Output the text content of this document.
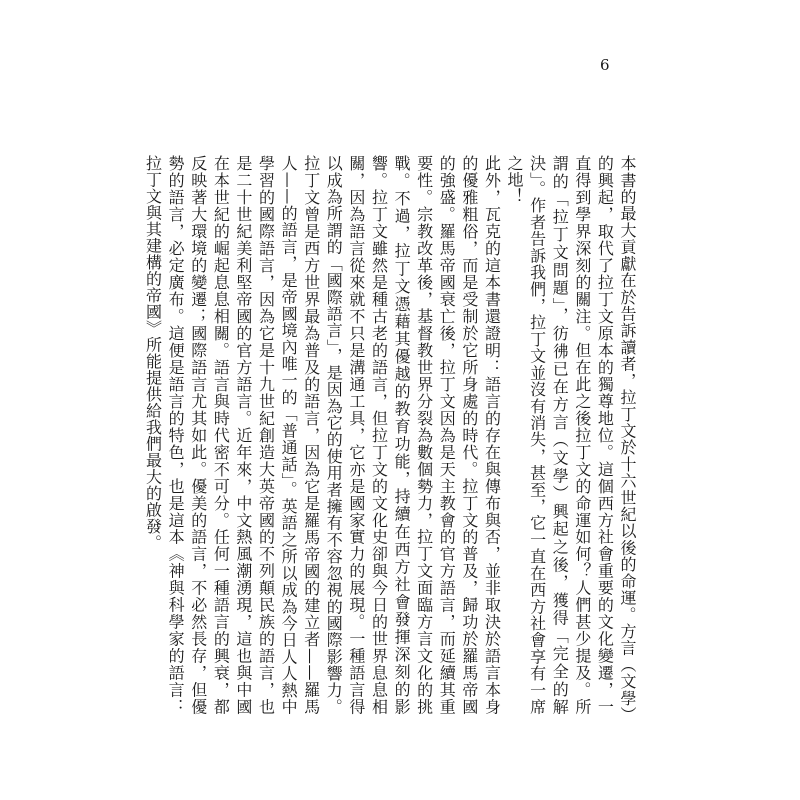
6

本書的最大貢獻在於告訴讀者，拉丁文於十六世紀以後的命運。方言（文學）的興起，取代了拉丁文原本的獨尊地位。這個西方社會重要的文化變遷，一直得到學界深刻的關注。但在此之後拉丁文的命運如何？人們甚少提及。所謂的「拉丁文問題」，彷彿已在方言（文學）興起之後，獲得「完全的解決」。作者告訴我們，拉丁文並沒有消失，甚至，它一直在西方社會享有一席之地！

此外，瓦克的這本書還證明：語言的存在與傳布與否，並非取決於語言本身的優雅粗俗，而是受制於它所身處的時代。拉丁文的普及，歸功於羅馬帝國的強盛。羅馬帝國衰亡後，拉丁文因為是天主教會的官方語言，而延續其重要性。宗教改革後，基督教世界分裂為數個勢力，拉丁文面臨方言文化的挑戰。不過，拉丁文憑藉其優越的教育功能，持續在西方社會發揮深刻的影響。拉丁文雖然是種古老的語言，但拉丁文的文化史卻與今日的世界息息相關，因為語言從來就不只是溝通工具，它亦是國家實力的展現。一種語言得以成為所謂的「國際語言」，是因為它的使用者擁有不容忽視的國際影響力。拉丁文曾是西方世界最為普及的語言，因為它是羅馬帝國的建立者——羅馬人——的語言，是帝國境內唯一的「普通話」。英語之所以成為今日人人熱中學習的國際語言，因為它是十九世紀創造大英帝國的不列顛民族的語言，也是二十世紀美利堅帝國的官方語言。近年來，中文熱風潮湧現，這也與中國在本世紀的崛起息息相關。語言與時代密不可分。任何一種語言的興衰，都反映著大環境的變遷；國際語言尤其如此。優美的語言，不必然長存，但優勢的語言，必定廣布。這便是語言的特色，也是這本《神與科學家的語言：拉丁文與其建構的帝國》所能提供給我們最大的啟發。
